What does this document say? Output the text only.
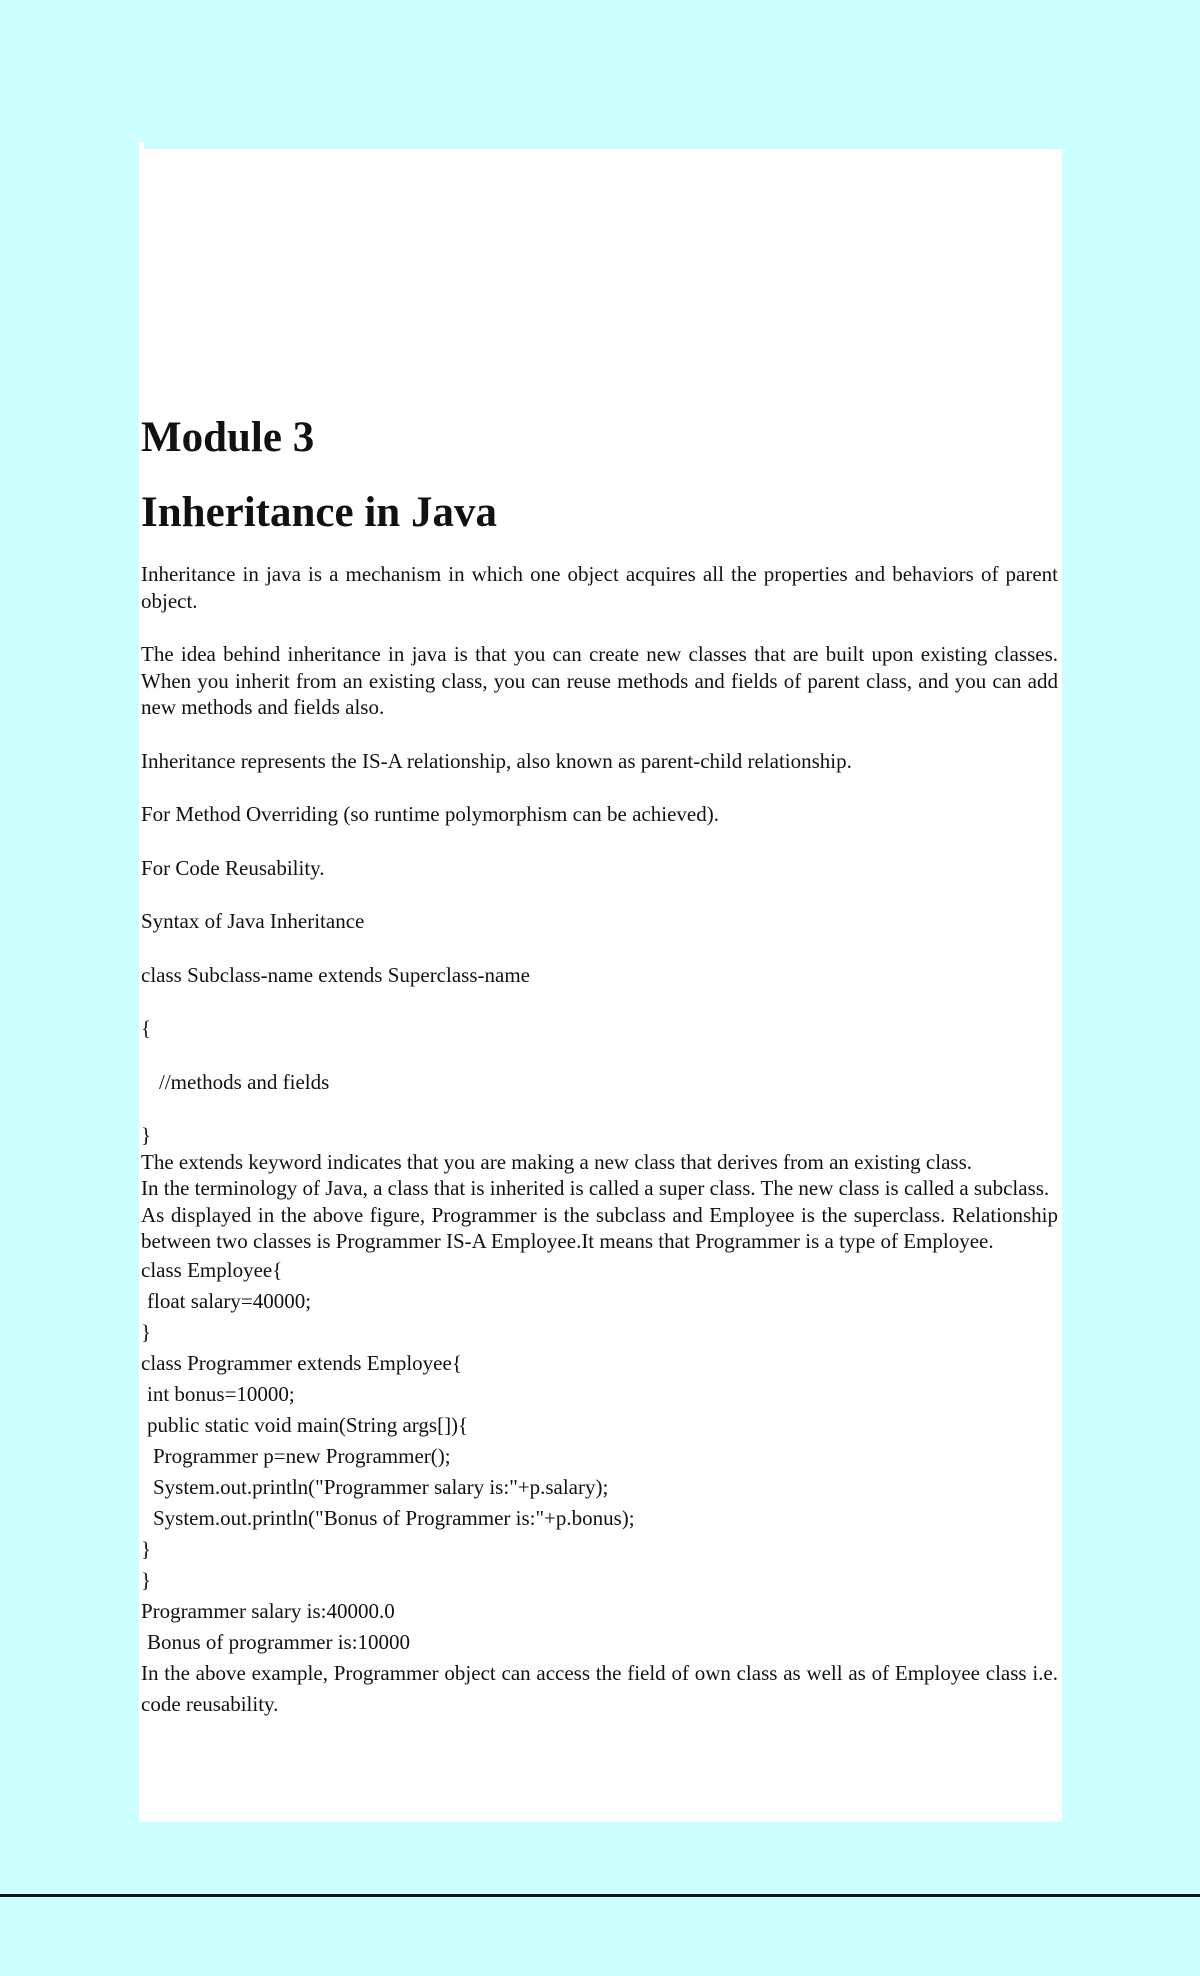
Module 3
Inheritance in Java

Inheritance in java is a mechanism in which one object acquires all the properties and behaviors of parent object.

The idea behind inheritance in java is that you can create new classes that are built upon existing classes. When you inherit from an existing class, you can reuse methods and fields of parent class, and you can add new methods and fields also.

Inheritance represents the IS-A relationship, also known as parent-child relationship.

For Method Overriding (so runtime polymorphism can be achieved).

For Code Reusability.

Syntax of Java Inheritance

class Subclass-name extends Superclass-name

{

//methods and fields

}

The extends keyword indicates that you are making a new class that derives from an existing class.

In the terminology of Java, a class that is inherited is called a super class. The new class is called a subclass.

As displayed in the above figure, Programmer is the subclass and Employee is the superclass. Relationship between two classes is Programmer IS-A Employee.It means that Programmer is a type of Employee.

class Employee{

float salary=40000;

}

class Programmer extends Employee{

int bonus=10000;

public static void main(String args[]){

Programmer p=new Programmer();

System.out.println("Programmer salary is:"+p.salary);

System.out.println("Bonus of Programmer is:"+p.bonus);

}

}

Programmer salary is:40000.0

Bonus of programmer is:10000

In the above example, Programmer object can access the field of own class as well as of Employee class i.e. code reusability.
